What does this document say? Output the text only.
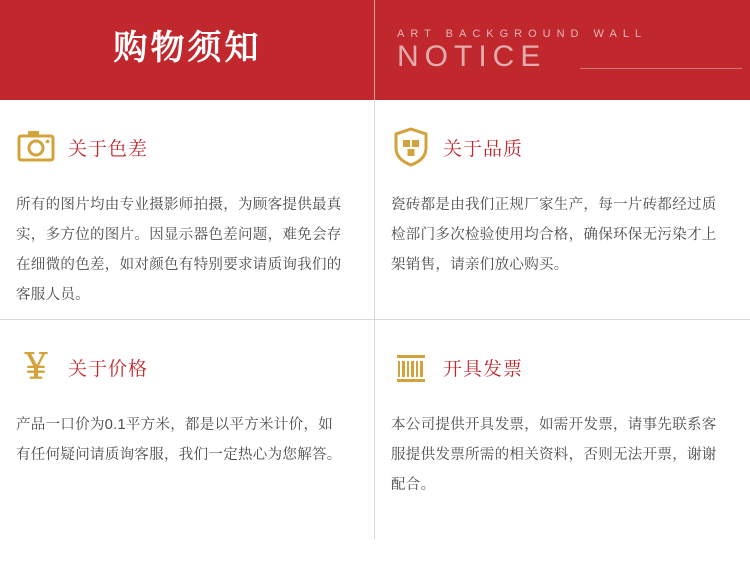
购物须知	ART BACKGROUND WALL
NOTICE
关于色差
所有的图片均由专业摄影师拍摄，为顾客提供最真实，多方位的图片。因显示器色差问题，难免会存在细微的色差，如对颜色有特别要求请质询我们的客服人员。
关于品质
瓷砖都是由我们正规厂家生产，每一片砖都经过质检部门多次检验使用均合格，确保环保无污染才上架销售，请亲们放心购买。
￥ 关于价格
产品一口价为0.1平方米，都是以平方米计价，如有任何疑问请质询客服，我们一定热心为您解答。
开具发票
本公司提供开具发票，如需开发票，请事先联系客服提供发票所需的相关资料，否则无法开票，谢谢配合。
